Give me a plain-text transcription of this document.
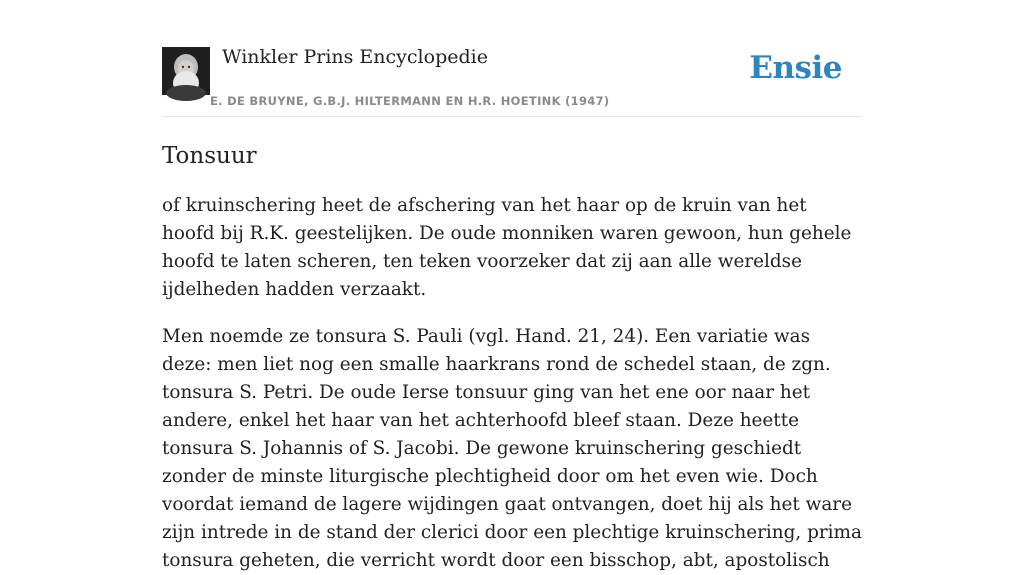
Winkler Prins Encyclopedie	Ensie
E. DE BRUYNE, G.B.J. HILTERMANN EN H.R. HOETINK (1947)
Tonsuur

of kruinschering heet de afschering van het haar op de kruin van het hoofd bij R.K. geestelijken. De oude monniken waren gewoon, hun gehele hoofd te laten scheren, ten teken voorzeker dat zij aan alle wereldse ijdelheden hadden verzaakt.

Men noemde ze tonsura S. Pauli (vgl. Hand. 21, 24). Een variatie was deze: men liet nog een smalle haarkrans rond de schedel staan, de zgn. tonsura S. Petri. De oude Ierse tonsuur ging van het ene oor naar het andere, enkel het haar van het achterhoofd bleef staan. Deze heette tonsura S. Johannis of S. Jacobi. De gewone kruinschering geschiedt zonder de minste liturgische plechtigheid door om het even wie. Doch voordat iemand de lagere wijdingen gaat ontvangen, doet hij als het ware zijn intrede in de stand der clerici door een plechtige kruinschering, prima tonsura geheten, die verricht wordt door een bisschop, abt, apostolisch
